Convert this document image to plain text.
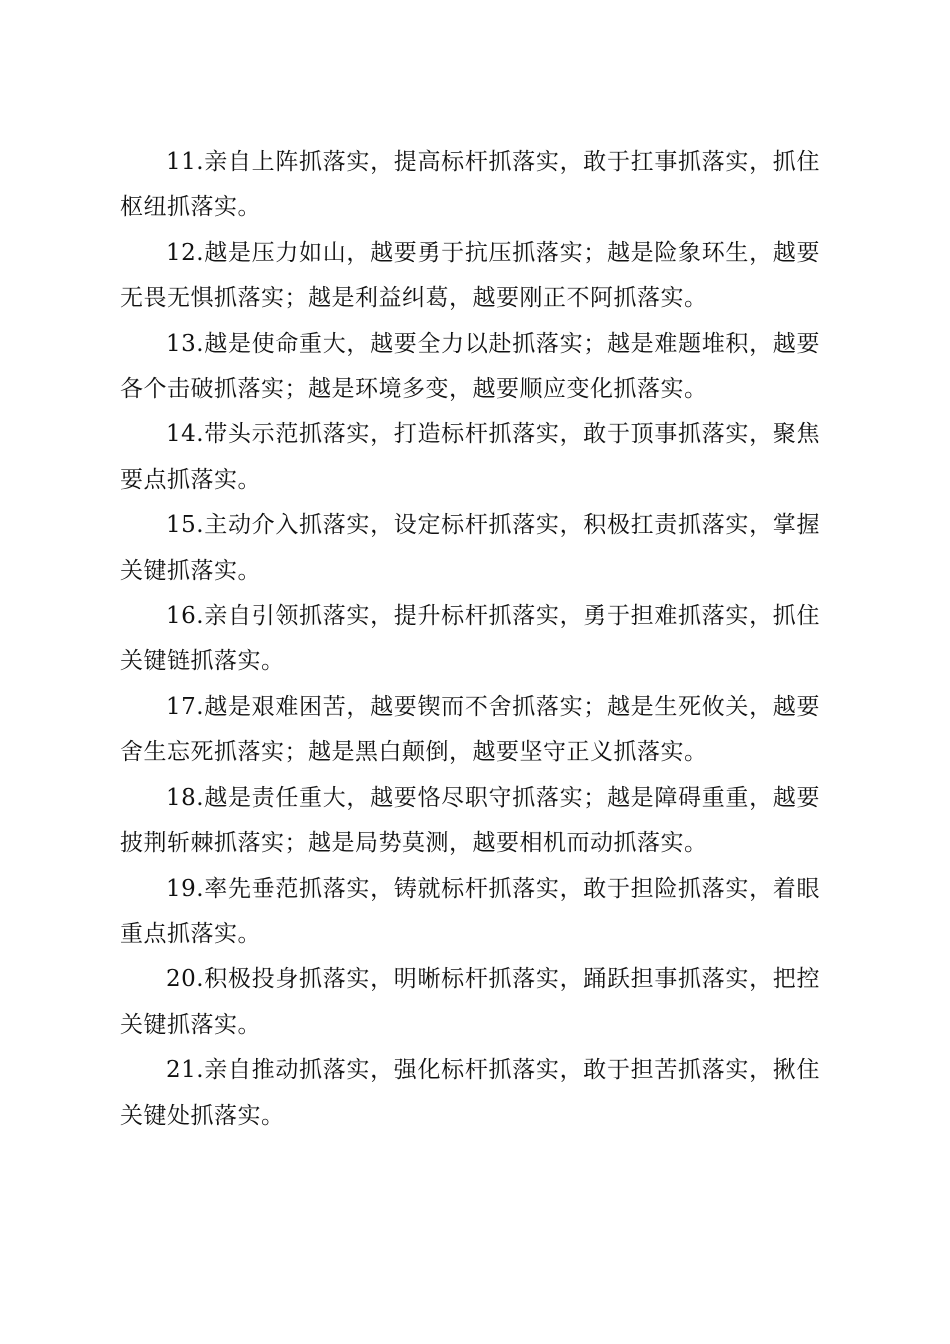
11.亲自上阵抓落实，提高标杆抓落实，敢于扛事抓落实，抓住枢纽抓落实。

12.越是压力如山，越要勇于抗压抓落实；越是险象环生，越要无畏无惧抓落实；越是利益纠葛，越要刚正不阿抓落实。

13.越是使命重大，越要全力以赴抓落实；越是难题堆积，越要各个击破抓落实；越是环境多变，越要顺应变化抓落实。

14.带头示范抓落实，打造标杆抓落实，敢于顶事抓落实，聚焦要点抓落实。

15.主动介入抓落实，设定标杆抓落实，积极扛责抓落实，掌握关键抓落实。

16.亲自引领抓落实，提升标杆抓落实，勇于担难抓落实，抓住关键链抓落实。

17.越是艰难困苦，越要锲而不舍抓落实；越是生死攸关，越要舍生忘死抓落实；越是黑白颠倒，越要坚守正义抓落实。

18.越是责任重大，越要恪尽职守抓落实；越是障碍重重，越要披荆斩棘抓落实；越是局势莫测，越要相机而动抓落实。

19.率先垂范抓落实，铸就标杆抓落实，敢于担险抓落实，着眼重点抓落实。

20.积极投身抓落实，明晰标杆抓落实，踊跃担事抓落实，把控关键抓落实。

21.亲自推动抓落实，强化标杆抓落实，敢于担苦抓落实，揪住关键处抓落实。
